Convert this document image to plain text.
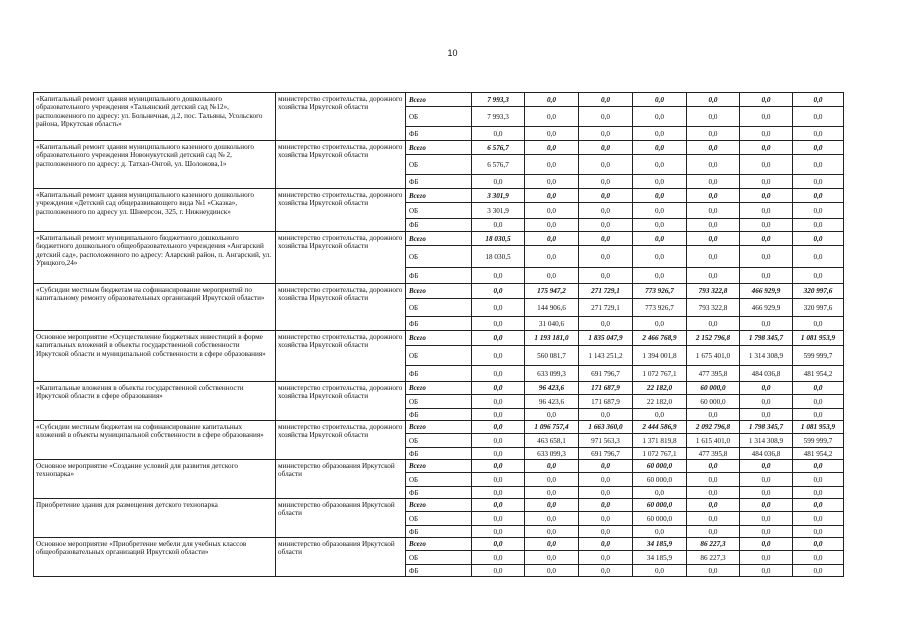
10
«Капитальный ремонт здания муниципального дошкольного образовательного учреждения «Тальянский детский сад №12», расположенного по адресу: ул. Больничная, д.2, пос. Тальяны, Усольского района, Иркутская область»	министерство строительства, дорожного хозяйства Иркутской области	Всего	7 993,3	0,0	0,0	0,0	0,0	0,0	0,0
		ОБ	7 993,3	0,0	0,0	0,0	0,0	0,0	0,0
		ФБ	0,0	0,0	0,0	0,0	0,0	0,0	0,0
«Капитальный ремонт здания муниципального казенного дошкольного образовательного учреждения Новонукутский детский сад № 2, расположенного по адресу: д. Татхал-Онгой, ул. Шоложова,1»	министерство строительства, дорожного хозяйства Иркутской области	Всего	6 576,7	0,0	0,0	0,0	0,0	0,0	0,0
		ОБ	6 576,7	0,0	0,0	0,0	0,0	0,0	0,0
		ФБ	0,0	0,0	0,0	0,0	0,0	0,0	0,0
«Капитальный ремонт здания муниципального казенного дошкольного учреждения «Детский сад общеразвивающего вида №1 «Сказка», расположенного по адресу ул. Шнеерсон, 325, г. Нижнеудинск»	министерство строительства, дорожного хозяйства Иркутской области	Всего	3 301,9	0,0	0,0	0,0	0,0	0,0	0,0
		ОБ	3 301,9	0,0	0,0	0,0	0,0	0,0	0,0
		ФБ	0,0	0,0	0,0	0,0	0,0	0,0	0,0
«Капитальный ремонт муниципального бюджетного дошкольного бюджетного дошкольного общеобразовательного учреждения «Ангарский детский сад», расположенного по адресу: Аларский район, п. Ангарский, ул. Урицкого,24»	министерство строительства, дорожного хозяйства Иркутской области	Всего	18 030,5	0,0	0,0	0,0	0,0	0,0	0,0
		ОБ	18 030,5	0,0	0,0	0,0	0,0	0,0	0,0
		ФБ	0,0	0,0	0,0	0,0	0,0	0,0	0,0
«Субсидии местным бюджетам на софинансирование мероприятий по капитальному ремонту образовательных организаций Иркутской области»	министерство строительства, дорожного хозяйства Иркутской области	Всего	0,0	175 947,2	271 729,1	773 926,7	793 322,8	466 929,9	320 997,6
		ОБ	0,0	144 906,6	271 729,1	773 926,7	793 322,8	466 929,9	320 997,6
		ФБ	0,0	31 040,6	0,0	0,0	0,0	0,0	0,0
Основное мероприятие «Осуществление бюджетных инвестиций в форме капитальных вложений в объекты государственной собственности Иркутской области и муниципальной собственности в сфере образования»	министерство строительства, дорожного хозяйства Иркутской области	Всего	0,0	1 193 181,0	1 835 047,9	2 466 768,9	2 152 796,8	1 798 345,7	1 081 953,9
		ОБ	0,0	560 081,7	1 143 251,2	1 394 001,8	1 675 401,0	1 314 308,9	599 999,7
		ФБ	0,0	633 099,3	691 796,7	1 072 767,1	477 395,8	484 036,8	481 954,2
«Капитальные вложения в объекты государственной собственности Иркутской области в сфере образования»	министерство строительства, дорожного хозяйства Иркутской области	Всего	0,0	96 423,6	171 687,9	22 182,0	60 000,0	0,0	0,0
		ОБ	0,0	96 423,6	171 687,9	22 182,0	60 000,0	0,0	0,0
		ФБ	0,0	0,0	0,0	0,0	0,0	0,0	0,0
«Субсидии местным бюджетам на софинансирование капитальных вложений в объекты муниципальной собственности в сфере образования»	министерство строительства, дорожного хозяйства Иркутской области	Всего	0,0	1 096 757,4	1 663 360,0	2 444 586,9	2 092 796,8	1 798 345,7	1 081 953,9
		ОБ	0,0	463 658,1	971 563,3	1 371 819,8	1 615 401,0	1 314 308,9	599 999,7
		ФБ	0,0	633 099,3	691 796,7	1 072 767,1	477 395,8	484 036,8	481 954,2
Основное мероприятие «Создание условий для развития детского технопарка»	министерство образования Иркутской области	Всего	0,0	0,0	0,0	60 000,0	0,0	0,0	0,0
		ОБ	0,0	0,0	0,0	60 000,0	0,0	0,0	0,0
		ФБ	0,0	0,0	0,0	0,0	0,0	0,0	0,0
Приобретение здания для размещения детского технопарка	министерство образования Иркутской области	Всего	0,0	0,0	0,0	60 000,0	0,0	0,0	0,0
		ОБ	0,0	0,0	0,0	60 000,0	0,0	0,0	0,0
		ФБ	0,0	0,0	0,0	0,0	0,0	0,0	0,0
Основное мероприятие «Приобретение мебели для учебных классов общеобразовательных организаций Иркутской области»	министерство образования Иркутской области	Всего	0,0	0,0	0,0	34 185,9	86 227,3	0,0	0,0
		ОБ	0,0	0,0	0,0	34 185,9	86 227,3	0,0	0,0
		ФБ	0,0	0,0	0,0	0,0	0,0	0,0	0,0
